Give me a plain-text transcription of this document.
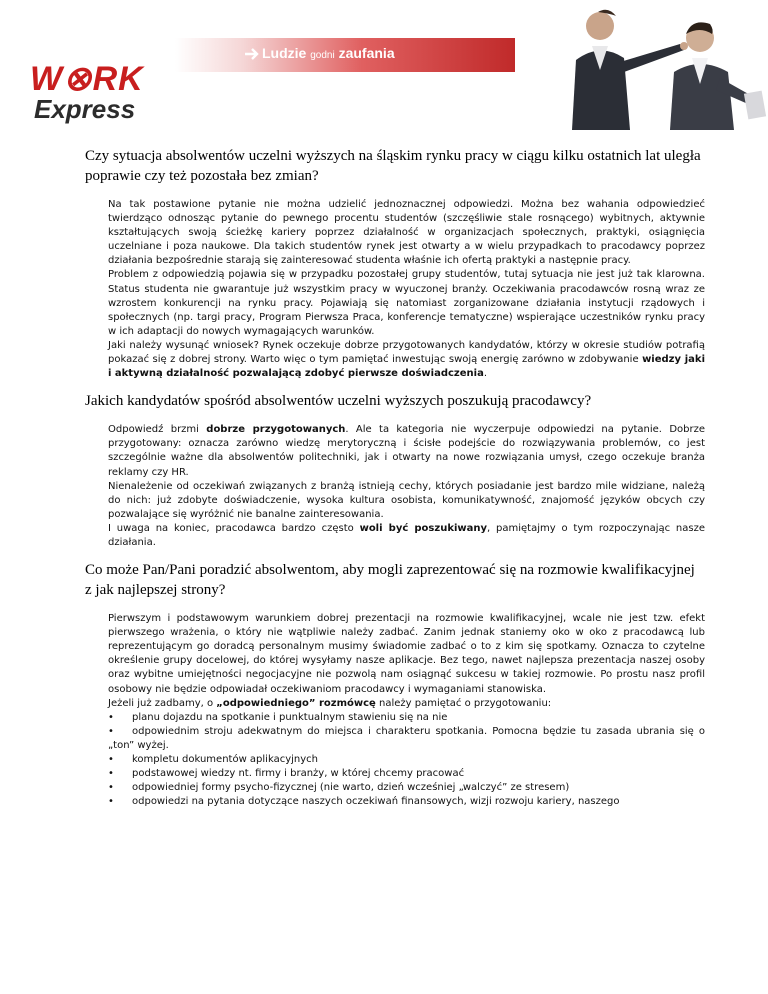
Ludzie godni zaufania
W⊗RK
Express
Czy sytuacja absolwentów uczelni wyższych na śląskim rynku pracy w ciągu kilku ostatnich lat uległa poprawie czy też pozostała bez zmian?

Na tak postawione pytanie nie można udzielić jednoznacznej odpowiedzi. Można bez wahania odpowiedzieć twierdząco odnosząc pytanie do pewnego procentu studentów (szczęśliwie stale rosnącego) wybitnych, aktywnie kształtujących swoją ścieżkę kariery poprzez działalność w organizacjach społecznych, praktyki, osiągnięcia uczelniane i poza naukowe. Dla takich studentów rynek jest otwarty a w wielu przypadkach to pracodawcy poprzez działania bezpośrednie starają się zainteresować studenta właśnie ich ofertą praktyki a następnie pracy.

Problem z odpowiedzią pojawia się w przypadku pozostałej grupy studentów, tutaj sytuacja nie jest już tak klarowna. Status studenta nie gwarantuje już wszystkim pracy w wyuczonej branży. Oczekiwania pracodawców rosną wraz ze wzrostem konkurencji na rynku pracy. Pojawiają się natomiast zorganizowane działania instytucji rządowych i społecznych (np. targi pracy, Program Pierwsza Praca, konferencje tematyczne) wspierające uczestników rynku pracy w ich adaptacji do nowych wymagających warunków.

Jaki należy wysunąć wniosek? Rynek oczekuje dobrze przygotowanych kandydatów, którzy w okresie studiów potrafią pokazać się z dobrej strony. Warto więc o tym pamiętać inwestując swoją energię zarówno w zdobywanie wiedzy jaki i aktywną działalność pozwalającą zdobyć pierwsze doświadczenia.

Jakich kandydatów spośród absolwentów uczelni wyższych poszukują pracodawcy?

Odpowiedź brzmi dobrze przygotowanych. Ale ta kategoria nie wyczerpuje odpowiedzi na pytanie. Dobrze przygotowany: oznacza zarówno wiedzę merytoryczną i ścisłe podejście do rozwiązywania problemów, co jest szczególnie ważne dla absolwentów politechniki, jak i otwarty na nowe rozwiązania umysł, czego oczekuje branża reklamy czy HR.

Nienależenie od oczekiwań związanych z branżą istnieją cechy, których posiadanie jest bardzo mile widziane, należą do nich: już zdobyte doświadczenie, wysoka kultura osobista, komunikatywność, znajomość języków obcych czy pozwalające się wyróżnić nie banalne zainteresowania.

I uwaga na koniec, pracodawca bardzo często woli być poszukiwany, pamiętajmy o tym rozpoczynając nasze działania.

Co może Pan/Pani poradzić absolwentom, aby mogli zaprezentować się na rozmowie kwalifikacyjnej z jak najlepszej strony?

Pierwszym i podstawowym warunkiem dobrej prezentacji na rozmowie kwalifikacyjnej, wcale nie jest tzw. efekt pierwszego wrażenia, o który nie wątpliwie należy zadbać. Zanim jednak staniemy oko w oko z pracodawcą lub reprezentującym go doradcą personalnym musimy świadomie zadbać o to z kim się spotkamy. Oznacza to czytelne określenie grupy docelowej, do której wysyłamy nasze aplikacje. Bez tego, nawet najlepsza prezentacja naszej osoby oraz wybitne umiejętności negocjacyjne nie pozwolą nam osiągnąć sukcesu w takiej rozmowie. Po prostu nasz profil osobowy nie będzie odpowiadał oczekiwaniom pracodawcy i wymaganiami stanowiska.

Jeżeli już zadbamy, o „odpowiedniego” rozmówcę należy pamiętać o przygotowaniu:

•	planu dojazdu na spotkanie i punktualnym stawieniu się na nie
• odpowiednim stroju adekwatnym do miejsca i charakteru spotkania. Pomocna będzie tu zasada ubrania się o „ton” wyżej.
•	kompletu dokumentów aplikacyjnych
•	podstawowej wiedzy nt. firmy i branży, w której chcemy pracować
•	odpowiedniej formy psycho-fizycznej (nie warto, dzień wcześniej „walczyć” ze stresem)
•	odpowiedzi na pytania dotyczące naszych oczekiwań finansowych, wizji rozwoju kariery, naszego
